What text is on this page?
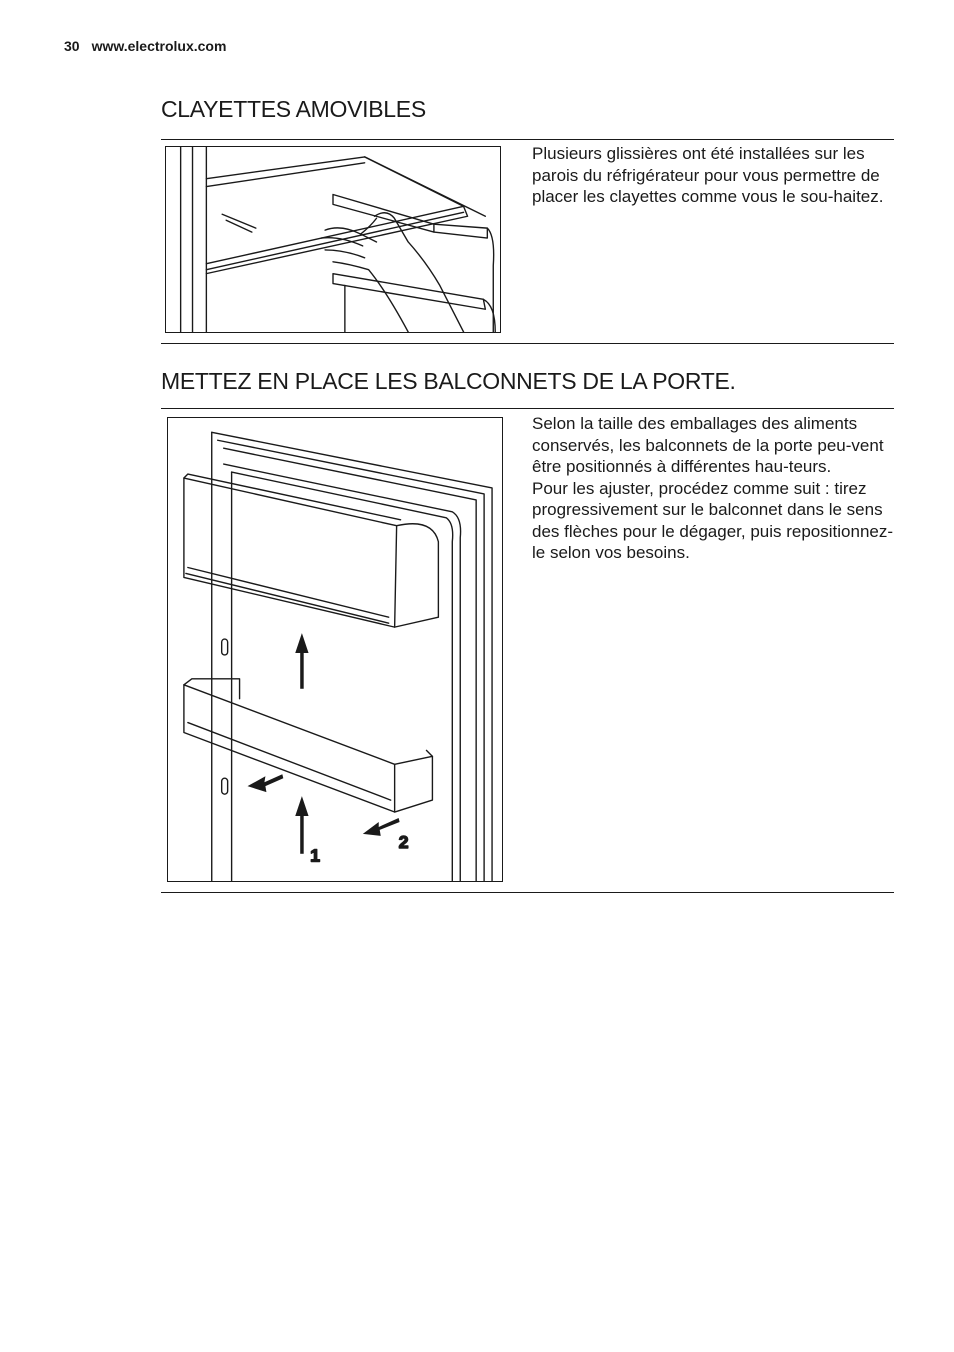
30 www.electrolux.com
CLAYETTES AMOVIBLES

Plusieurs glissières ont été installées sur les parois du réfrigérateur pour vous permettre de placer les clayettes comme vous le sou-haitez.

METTEZ EN PLACE LES BALCONNETS DE LA PORTE.
1
2

Selon la taille des emballages des aliments conservés, les balconnets de la porte peu-vent être positionnés à différentes hau-teurs.

Pour les ajuster, procédez comme suit : tirez progressivement sur le balconnet dans le sens des flèches pour le dégager, puis repositionnez-le selon vos besoins.
